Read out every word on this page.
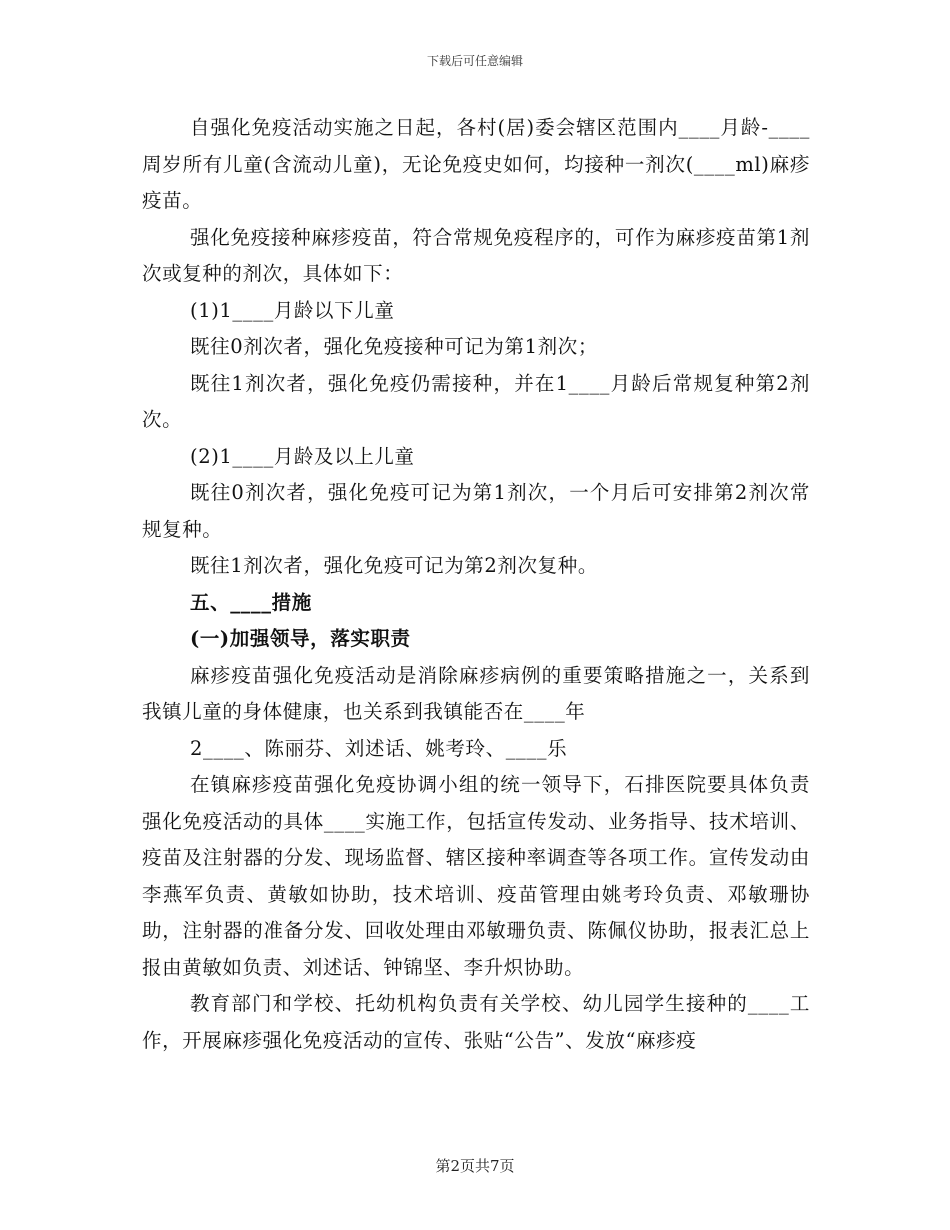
下载后可任意编辑

自强化免疫活动实施之日起，各村(居)委会辖区范围内____月龄-____周岁所有儿童(含流动儿童)，无论免疫史如何，均接种一剂次(____ml)麻疹疫苗。

强化免疫接种麻疹疫苗，符合常规免疫程序的，可作为麻疹疫苗第1剂次或复种的剂次，具体如下：

(1)1____月龄以下儿童

既往0剂次者，强化免疫接种可记为第1剂次；

既往1剂次者，强化免疫仍需接种，并在1____月龄后常规复种第2剂次。

(2)1____月龄及以上儿童

既往0剂次者，强化免疫可记为第1剂次，一个月后可安排第2剂次常规复种。

既往1剂次者，强化免疫可记为第2剂次复种。

五、____措施

(一)加强领导，落实职责

麻疹疫苗强化免疫活动是消除麻疹病例的重要策略措施之一，关系到我镇儿童的身体健康，也关系到我镇能否在____年

2____、陈丽芬、刘述话、姚考玲、____乐

在镇麻疹疫苗强化免疫协调小组的统一领导下，石排医院要具体负责强化免疫活动的具体____实施工作，包括宣传发动、业务指导、技术培训、疫苗及注射器的分发、现场监督、辖区接种率调查等各项工作。宣传发动由李燕军负责、黄敏如协助，技术培训、疫苗管理由姚考玲负责、邓敏珊协助，注射器的准备分发、回收处理由邓敏珊负责、陈佩仪协助，报表汇总上报由黄敏如负责、刘述话、钟锦坚、李升炽协助。

教育部门和学校、托幼机构负责有关学校、幼儿园学生接种的____工作，开展麻疹强化免疫活动的宣传、张贴“公告”、发放“麻疹疫

第2页共7页
